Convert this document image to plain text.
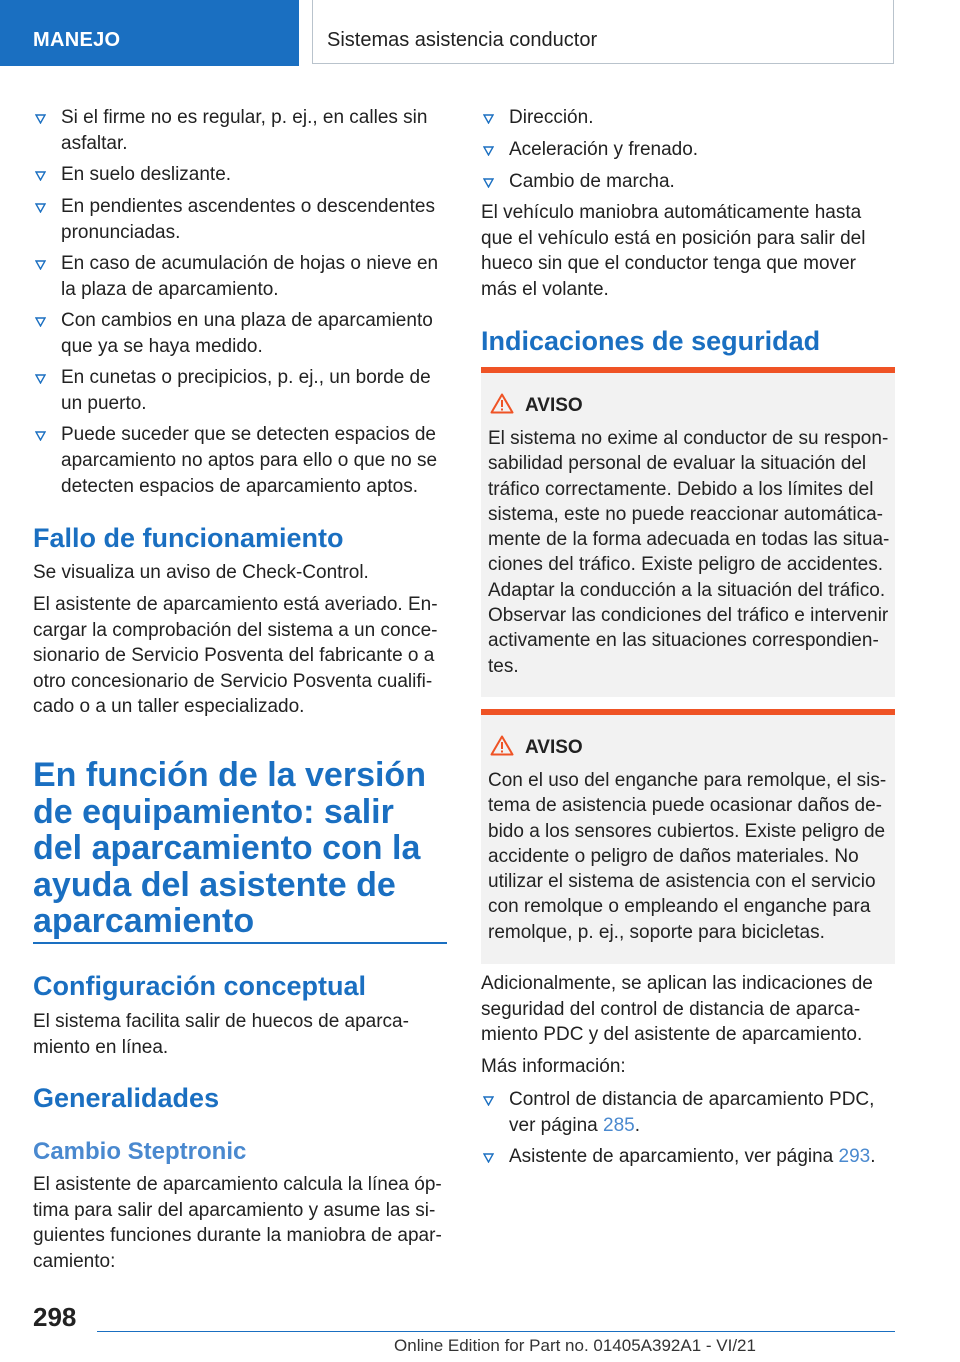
MANEJO	Sistemas asistencia conductor
Si el firme no es regular, p. ej., en calles sin asfaltar.
En suelo deslizante.
En pendientes ascendentes o descendentes pronunciadas.
En caso de acumulación de hojas o nieve en la plaza de aparcamiento.
Con cambios en una plaza de aparcamiento que ya se haya medido.
En cunetas o precipicios, p. ej., un borde de un puerto.
Puede suceder que se detecten espacios de aparcamiento no aptos para ello o que no se detecten espacios de aparcamiento aptos.
Fallo de funcionamiento
Se visualiza un aviso de Check-Control.
El asistente de aparcamiento está averiado. Encargar la comprobación del sistema a un concesionario de Servicio Posventa del fabricante o a otro concesionario de Servicio Posventa cualificado o a un taller especializado.
En función de la versión de equipamiento: salir del aparcamiento con la ayuda del asistente de aparcamiento
Configuración conceptual
El sistema facilita salir de huecos de aparcamiento en línea.
Generalidades
Cambio Steptronic
El asistente de aparcamiento calcula la línea óptima para salir del aparcamiento y asume las siguientes funciones durante la maniobra de aparcamiento:
Dirección.
Aceleración y frenado.
Cambio de marcha.
El vehículo maniobra automáticamente hasta que el vehículo está en posición para salir del hueco sin que el conductor tenga que mover más el volante.
Indicaciones de seguridad
AVISO
El sistema no exime al conductor de su responsabilidad personal de evaluar la situación del tráfico correctamente. Debido a los límites del sistema, este no puede reaccionar automáticamente de la forma adecuada en todas las situaciones del tráfico. Existe peligro de accidentes. Adaptar la conducción a la situación del tráfico. Observar las condiciones del tráfico e intervenir activamente en las situaciones correspondientes.
AVISO
Con el uso del enganche para remolque, el sistema de asistencia puede ocasionar daños debido a los sensores cubiertos. Existe peligro de accidente o peligro de daños materiales. No utilizar el sistema de asistencia con el servicio con remolque o empleando el enganche para remolque, p. ej., soporte para bicicletas.
Adicionalmente, se aplican las indicaciones de seguridad del control de distancia de aparcamiento PDC y del asistente de aparcamiento.
Más información:
Control de distancia de aparcamiento PDC, ver página 285.
Asistente de aparcamiento, ver página 293.
298
Online Edition for Part no. 01405A392A1 - VI/21
